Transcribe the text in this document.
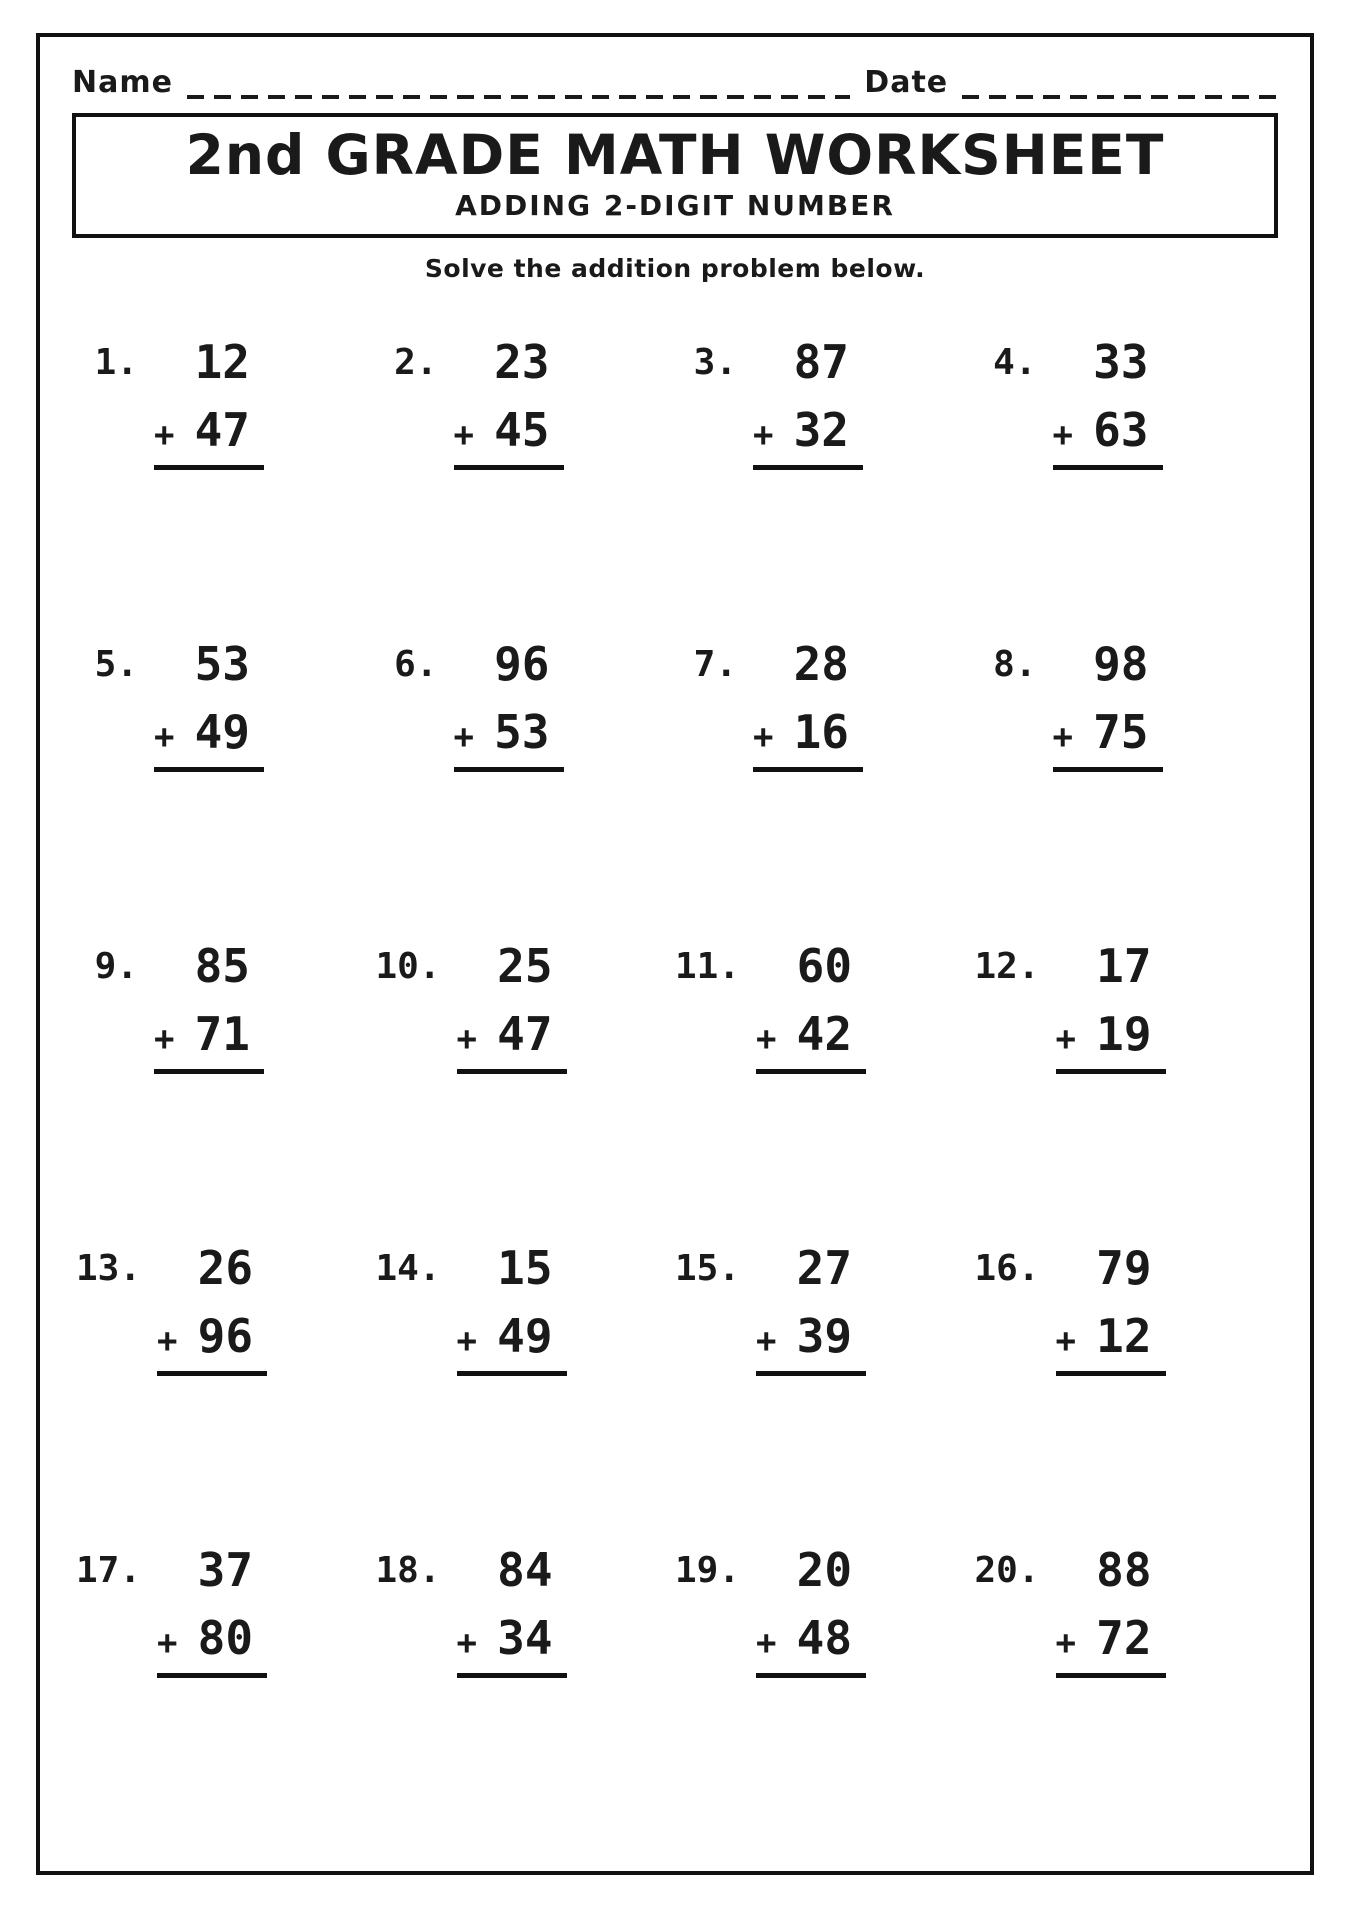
Name	Date
2nd GRADE MATH WORKSHEET
ADDING 2-DIGIT NUMBER
Solve the addition problem below.
1.	12
+ 47
2.	23
+ 45
3.	87
+ 32
4.	33
+ 63
5.	53
+ 49
6.	96
+ 53
7.	28
+ 16
8.	98
+ 75
9.	85
+ 71
10.	25
+ 47
11.	60
+ 42
12.	17
+ 19
13.	26
+ 96
14.	15
+ 49
15.	27
+ 39
16.	79
+ 12
17.	37
+ 80
18.	84
+ 34
19.	20
+ 48
20.	88
+ 72
